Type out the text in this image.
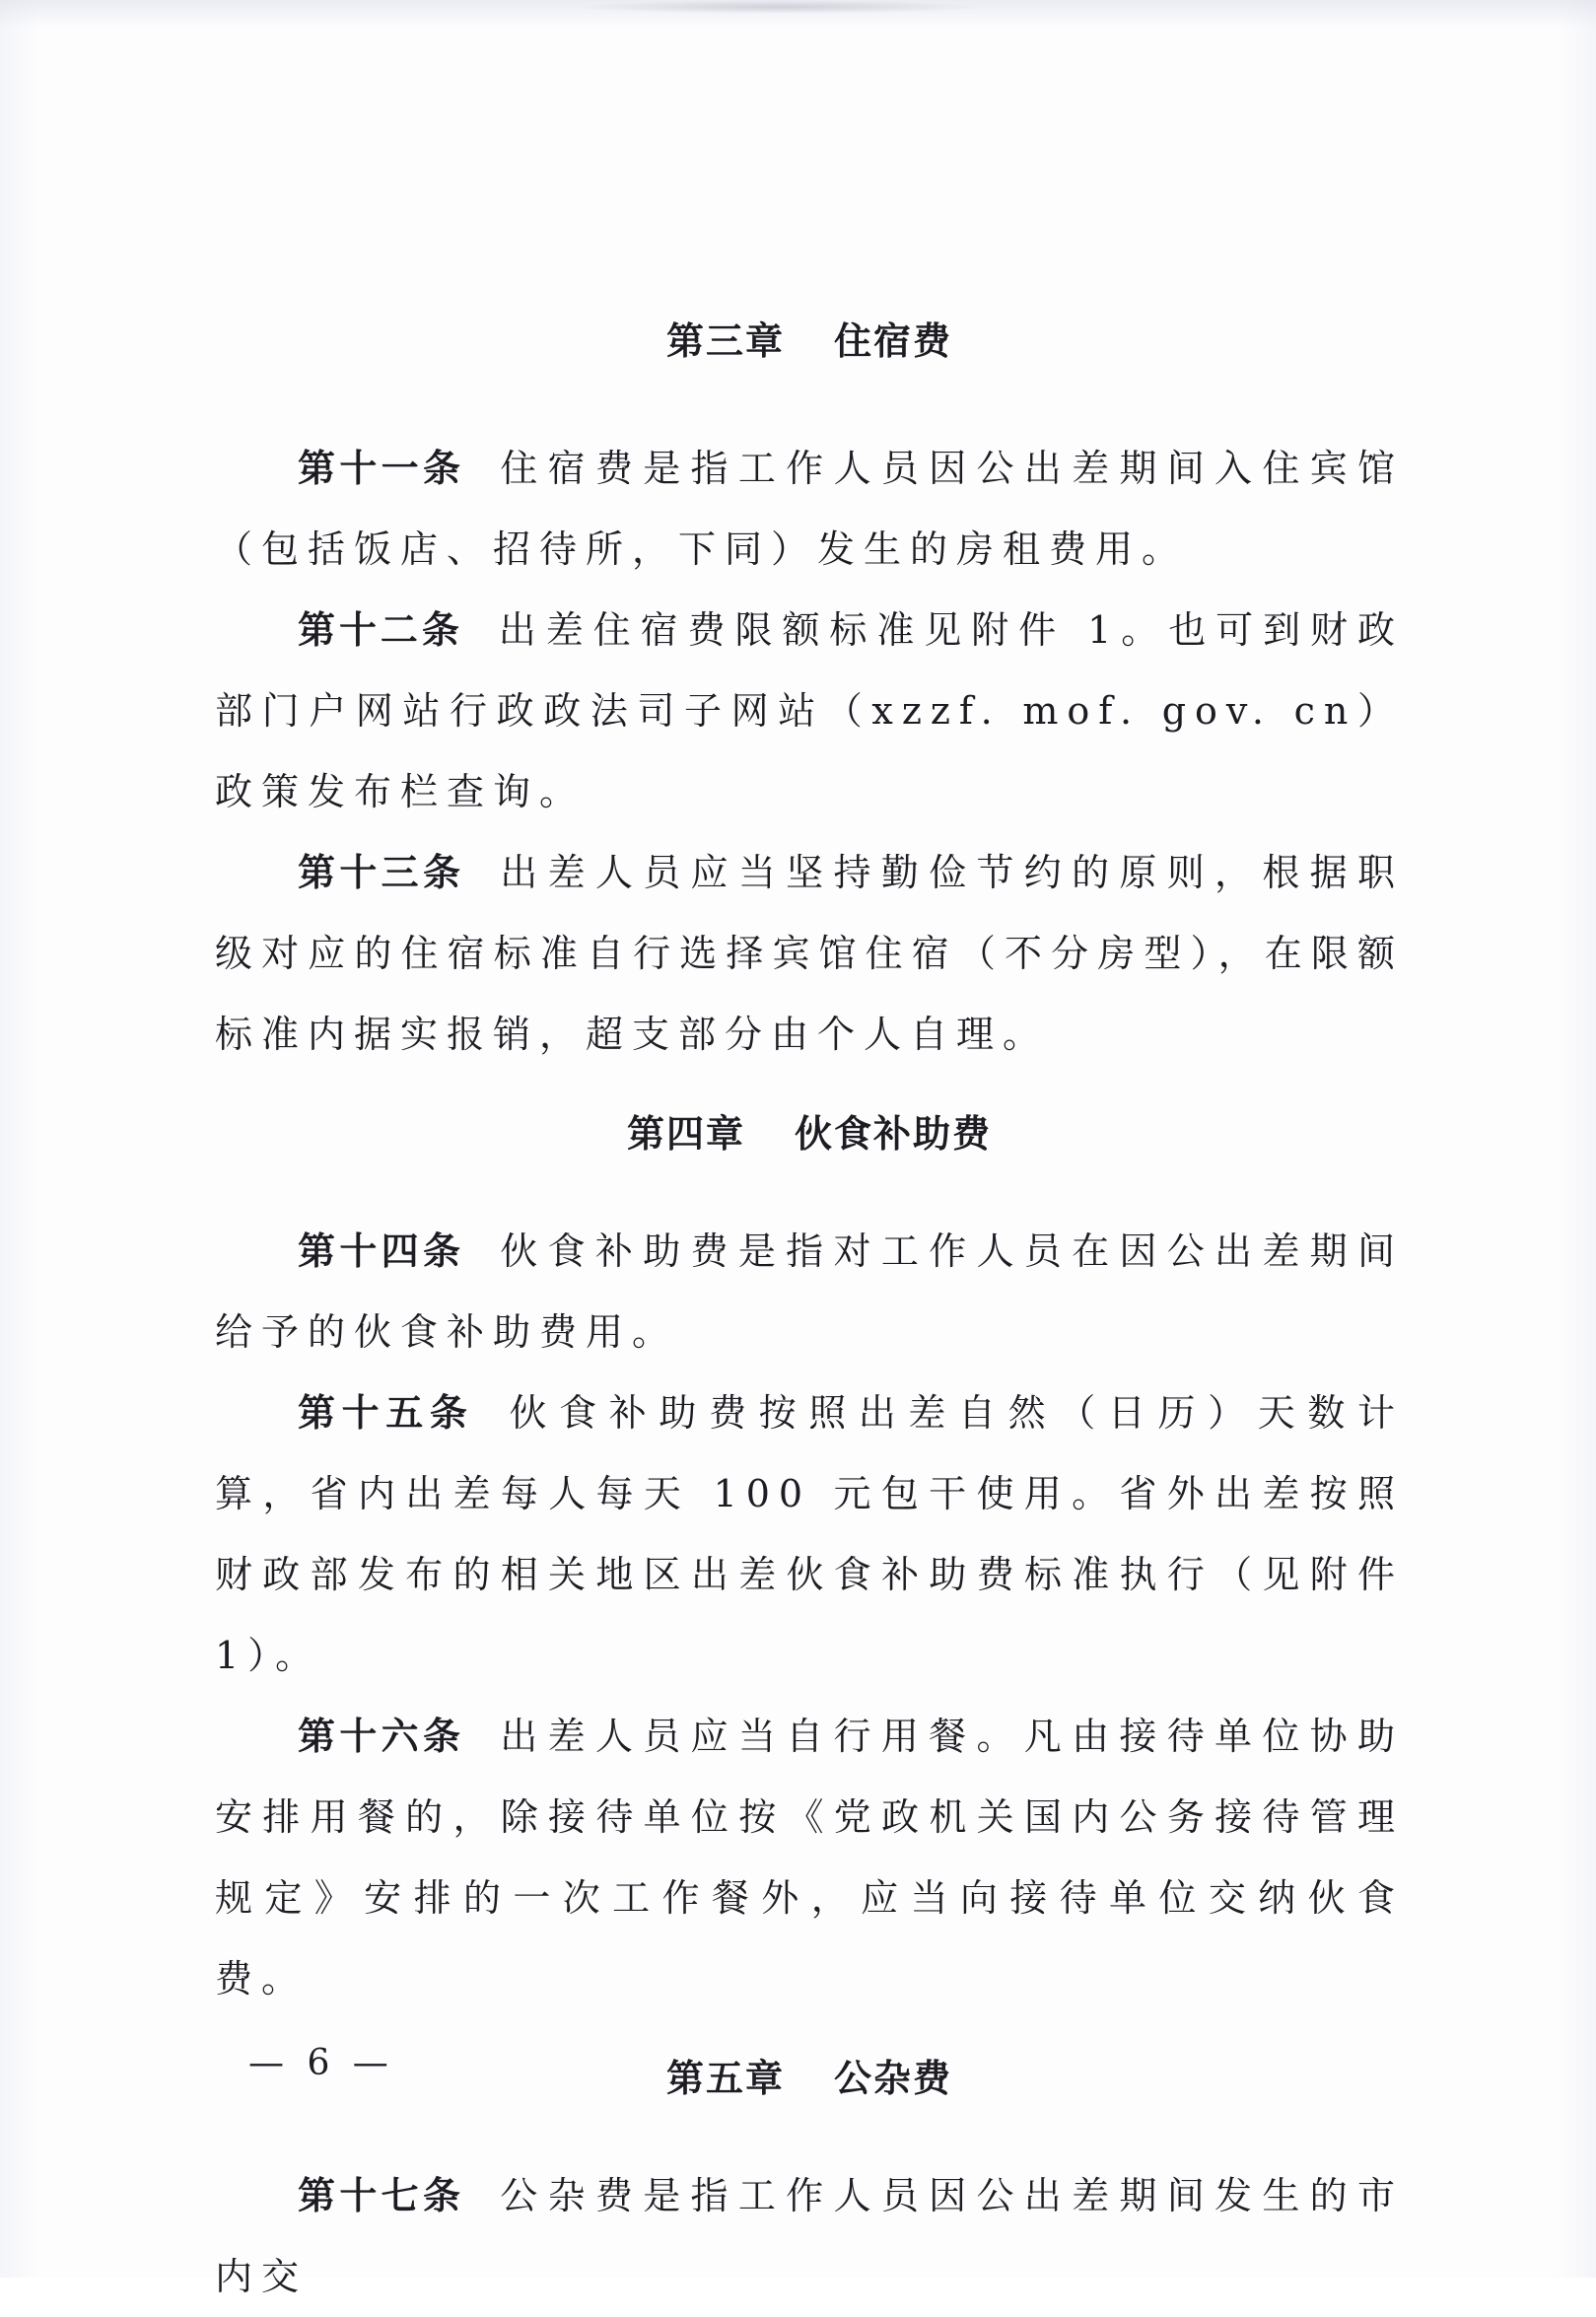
第三章 住宿费

第十一条 住宿费是指工作人员因公出差期间入住宾馆（包括饭店、招待所，下同）发生的房租费用。

第十二条 出差住宿费限额标准见附件 1。也可到财政部门户网站行政政法司子网站（xzzf. mof. gov. cn）政策发布栏查询。

第十三条 出差人员应当坚持勤俭节约的原则，根据职级对应的住宿标准自行选择宾馆住宿（不分房型），在限额标准内据实报销，超支部分由个人自理。

第四章 伙食补助费

第十四条 伙食补助费是指对工作人员在因公出差期间给予的伙食补助费用。

第十五条 伙食补助费按照出差自然（日历）天数计算，省内出差每人每天 100 元包干使用。省外出差按照财政部发布的相关地区出差伙食补助费标准执行（见附件 1）。

第十六条 出差人员应当自行用餐。凡由接待单位协助安排用餐的，除接待单位按《党政机关国内公务接待管理规定》安排的一次工作餐外，应当向接待单位交纳伙食费。

第五章 公杂费

第十七条 公杂费是指工作人员因公出差期间发生的市内交

— 6 —
